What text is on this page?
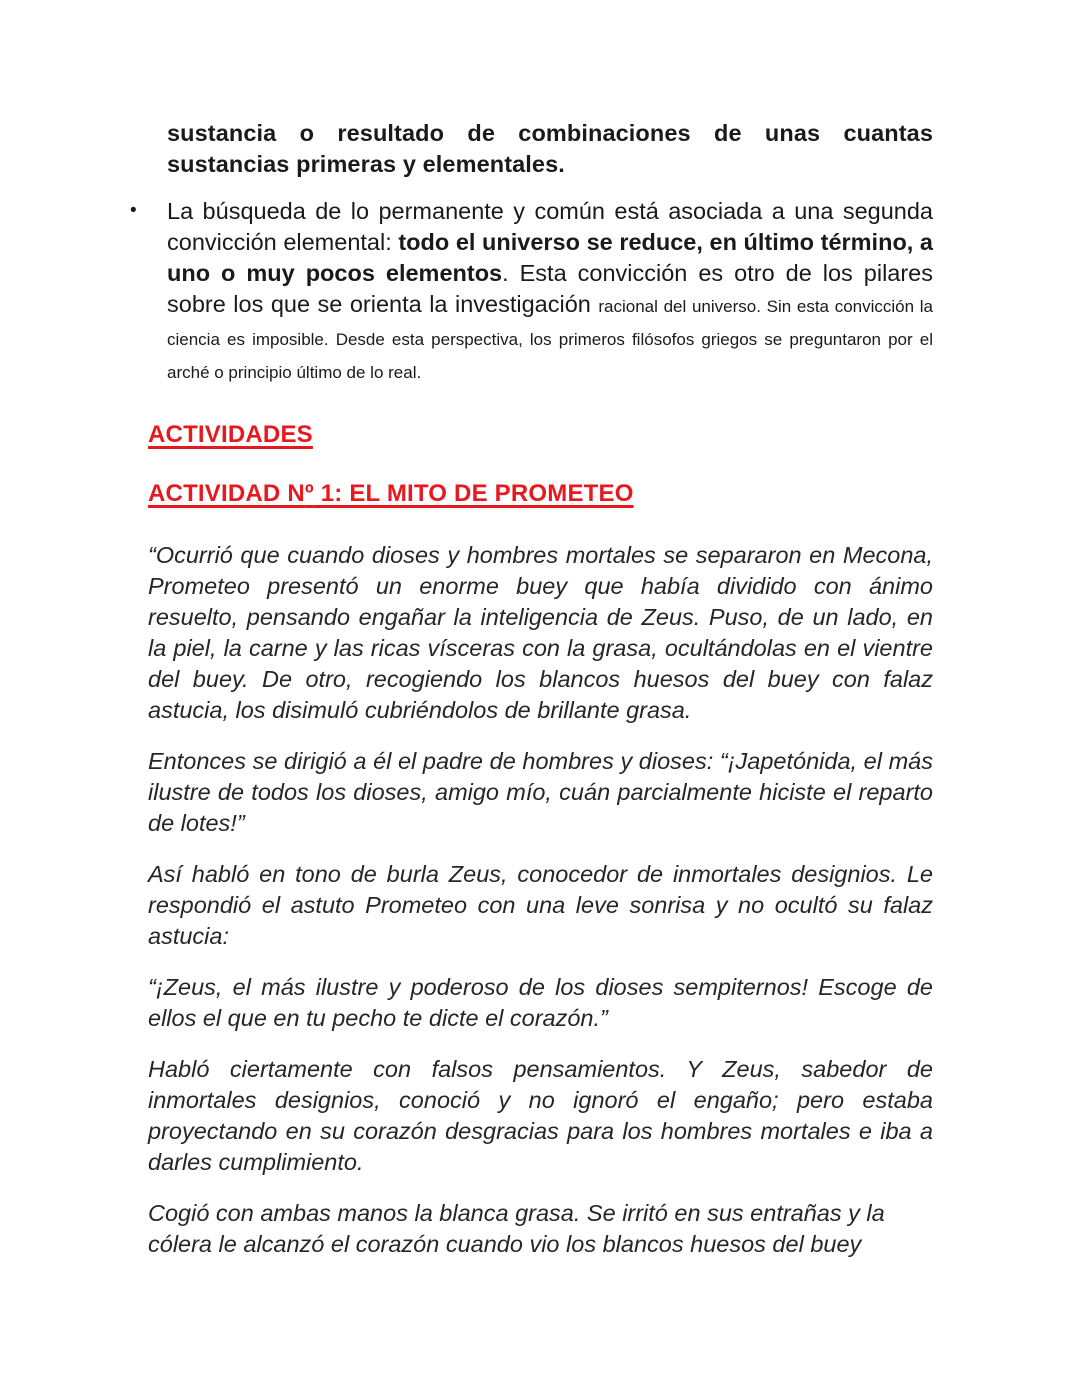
sustancia o resultado de combinaciones de unas cuantas sustancias primeras y elementales.

• La búsqueda de lo permanente y común está asociada a una segunda convicción elemental: todo el universo se reduce, en último término, a uno o muy pocos elementos. Esta convicción es otro de los pilares sobre los que se orienta la investigación racional del universo. Sin esta convicción la ciencia es imposible. Desde esta perspectiva, los primeros filósofos griegos se preguntaron por el arché o principio último de lo real.

ACTIVIDADES

ACTIVIDAD Nº 1: EL MITO DE PROMETEO

“Ocurrió que cuando dioses y hombres mortales se separaron en Mecona, Prometeo presentó un enorme buey que había dividido con ánimo resuelto, pensando engañar la inteligencia de Zeus. Puso, de un lado, en la piel, la carne y las ricas vísceras con la grasa, ocultándolas en el vientre del buey. De otro, recogiendo los blancos huesos del buey con falaz astucia, los disimuló cubriéndolos de brillante grasa.

Entonces se dirigió a él el padre de hombres y dioses: “¡Japetónida, el más ilustre de todos los dioses, amigo mío, cuán parcialmente hiciste el reparto de lotes!”

Así habló en tono de burla Zeus, conocedor de inmortales designios. Le respondió el astuto Prometeo con una leve sonrisa y no ocultó su falaz astucia:

“¡Zeus, el más ilustre y poderoso de los dioses sempiternos! Escoge de ellos el que en tu pecho te dicte el corazón.”

Habló ciertamente con falsos pensamientos. Y Zeus, sabedor de inmortales designios, conoció y no ignoró el engaño; pero estaba proyectando en su corazón desgracias para los hombres mortales e iba a darles cumplimiento.

Cogió con ambas manos la blanca grasa. Se irritó en sus entrañas y la cólera le alcanzó el corazón cuando vio los blancos huesos del buey
